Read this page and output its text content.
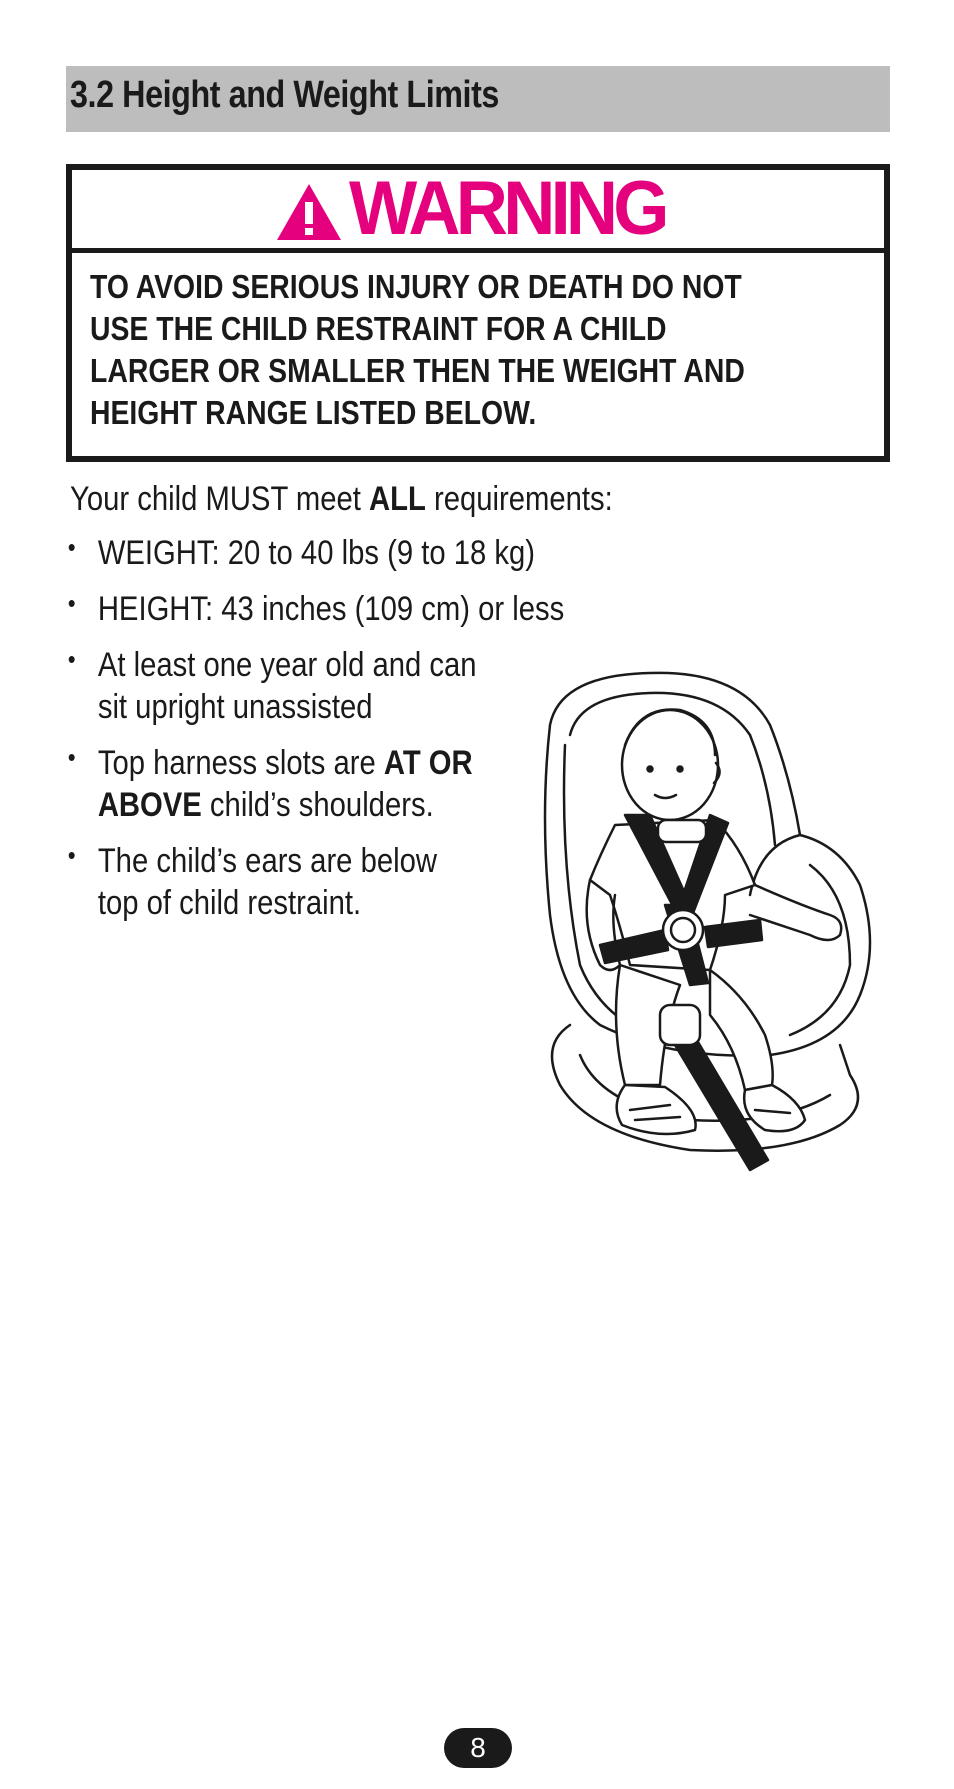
3.2 Height and Weight Limits
WARNING
TO AVOID SERIOUS INJURY OR DEATH DO NOT
USE THE CHILD RESTRAINT FOR A CHILD
LARGER OR SMALLER THEN THE WEIGHT AND
HEIGHT RANGE LISTED BELOW.
Your child MUST meet ALL requirements:
• WEIGHT: 20 to 40 lbs (9 to 18 kg)
• HEIGHT: 43 inches (109 cm) or less
• At least one year old and can
sit upright unassisted
• Top harness slots are AT OR
ABOVE child’s shoulders.
• The child’s ears are below
top of child restraint.
8
